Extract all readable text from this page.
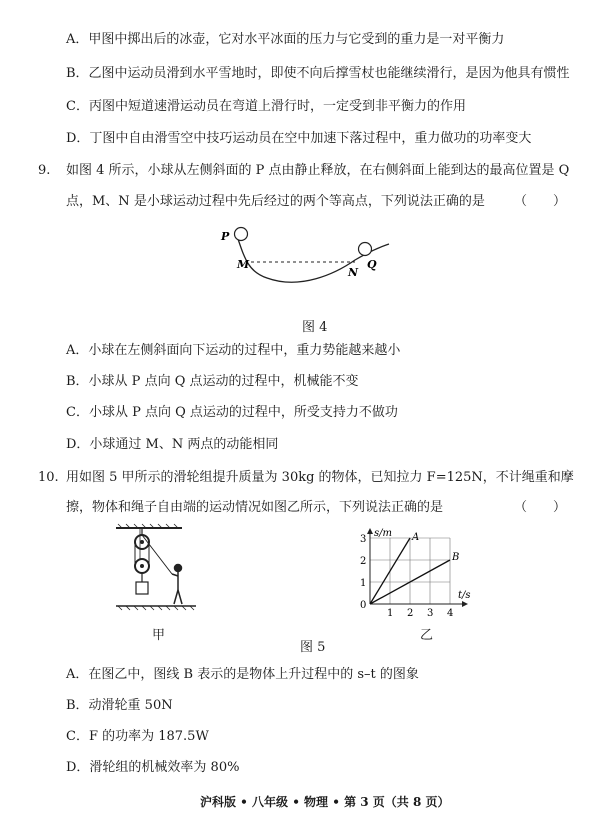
A．甲图中掷出后的冰壶，它对水平冰面的压力与它受到的重力是一对平衡力
B．乙图中运动员滑到水平雪地时，即使不向后撑雪杖也能继续滑行，是因为他具有惯性
C．丙图中短道速滑运动员在弯道上滑行时，一定受到非平衡力的作用
D．丁图中自由滑雪空中技巧运动员在空中加速下落过程中，重力做功的功率变大
9. 如图 4 所示，小球从左侧斜面的 P 点由静止释放，在右侧斜面上能到达的最高位置是 Q
点，M、N 是小球运动过程中先后经过的两个等高点，下列说法正确的是 （　　）
P
M
N
Q
图 4
A．小球在左侧斜面向下运动的过程中，重力势能越来越小
B．小球从 P 点向 Q 点运动的过程中，机械能不变
C．小球从 P 点向 Q 点运动的过程中，所受支持力不做功
D．小球通过 M、N 两点的动能相同
10. 用如图 5 甲所示的滑轮组提升质量为 30kg 的物体，已知拉力 F=125N，不计绳重和摩
擦，物体和绳子自由端的运动情况如图乙所示，下列说法正确的是	（　　）
甲
s/m
t/s
0
1 2 3 4
1
2
3	A
B
乙
图 5
A．在图乙中，图线 B 表示的是物体上升过程中的 s–t 的图象
B．动滑轮重 50N
C．F 的功率为 187.5W
D．滑轮组的机械效率为 80%
沪科版 • 八年级 • 物理 • 第 3 页（共 8 页）
